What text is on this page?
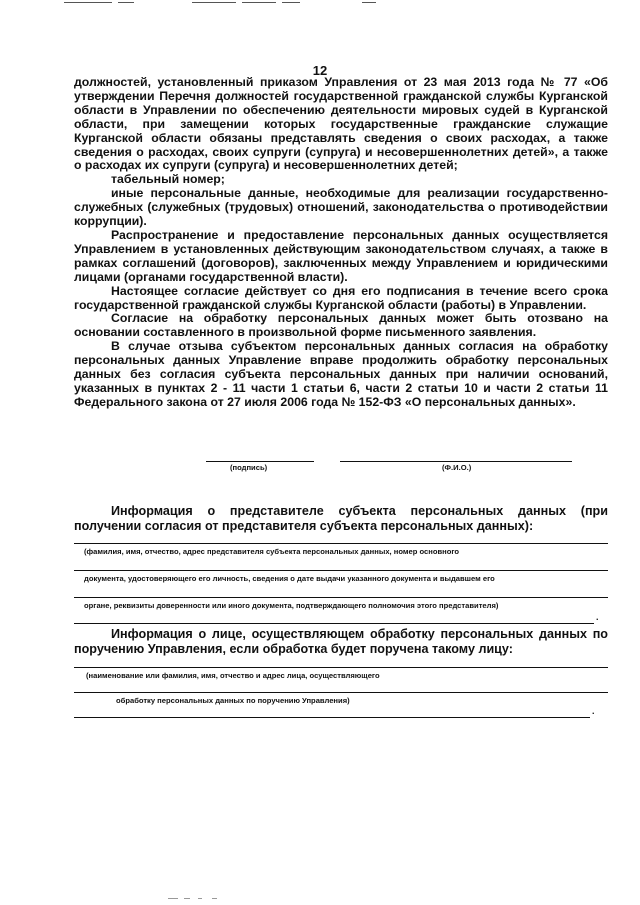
12

должностей, установленный приказом Управления от 23 мая 2013 года № 77 «Об утверждении Перечня должностей государственной гражданской службы Курганской области в Управлении по обеспечению деятельности мировых судей в Курганской области, при замещении которых государственные гражданские служащие Курганской области обязаны представлять сведения о своих расходах, а также сведения о расходах, своих супруги (супруга) и несовершеннолетних детей», а также о расходах их супруги (супруга) и несовершеннолетних детей;

табельный номер;

иные персональные данные, необходимые для реализации государственно-служебных (служебных (трудовых) отношений, законодательства о противодействии коррупции).

Распространение и предоставление персональных данных осуществляется Управлением в установленных действующим законодательством случаях, а также в рамках соглашений (договоров), заключенных между Управлением и юридическими лицами (органами государственной власти).

Настоящее согласие действует со дня его подписания в течение всего срока государственной гражданской службы Курганской области (работы) в Управлении.

Согласие на обработку персональных данных может быть отозвано на основании составленного в произвольной форме письменного заявления.

В случае отзыва субъектом персональных данных согласия на обработку персональных данных Управление вправе продолжить обработку персональных данных без согласия субъекта персональных данных при наличии оснований, указанных в пунктах 2 - 11 части 1 статьи 6, части 2 статьи 10 и части 2 статьи 11 Федерального закона от 27 июля 2006 года № 152-ФЗ «О персональных данных».

(подпись)	(Ф.И.О.)

Информация о представителе субъекта персональных данных (при получении согласия от представителя субъекта персональных данных):

(фамилия, имя, отчество, адрес представителя субъекта персональных данных, номер основного
документа, удостоверяющего его личность, сведения о дате выдачи указанного документа и выдавшем его
органе, реквизиты доверенности или иного документа, подтверждающего полномочия этого представителя)
.

Информация о лице, осуществляющем обработку персональных данных по поручению Управления, если обработка будет поручена такому лицу:

(наименование или фамилия, имя, отчество и адрес лица, осуществляющего
обработку персональных данных по поручению Управления)
.
